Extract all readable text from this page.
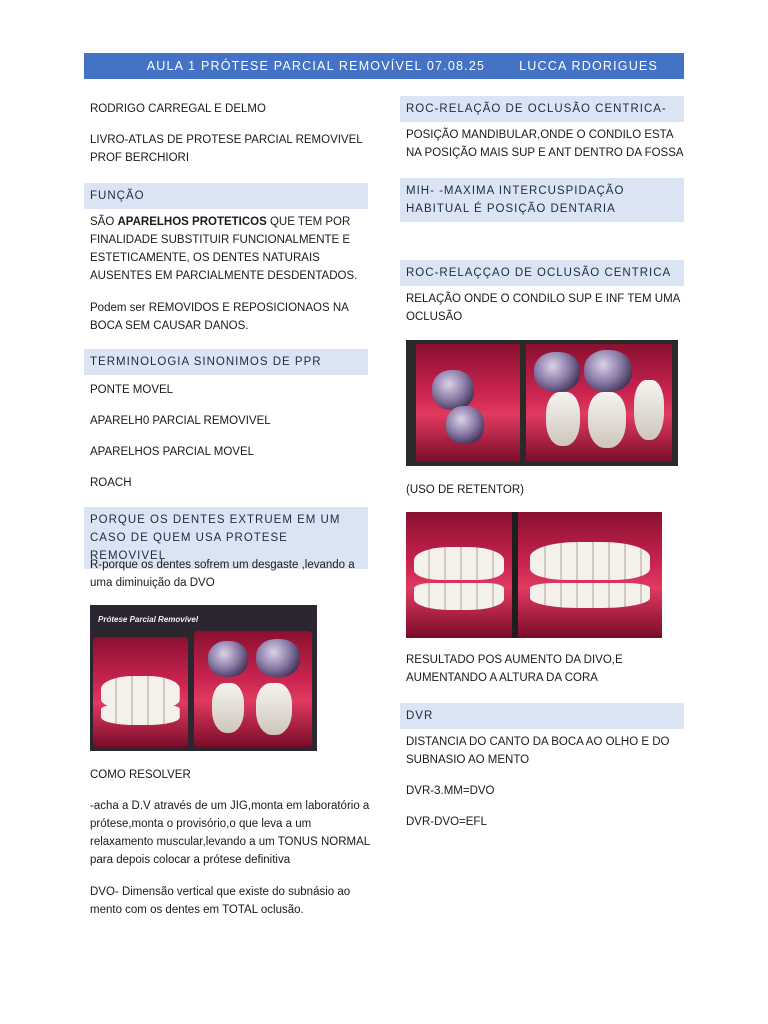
AULA 1 PRÓTESE PARCIAL REMOVÍVEL 07.08.25	LUCCA RDORIGUES

RODRIGO CARREGAL E DELMO

LIVRO-ATLAS DE PROTESE PARCIAL REMOVIVEL PROF BERCHIORI

FUNÇÃO

SÃO APARELHOS PROTETICOS QUE TEM POR FINALIDADE SUBSTITUIR FUNCIONALMENTE E ESTETICAMENTE, OS DENTES NATURAIS AUSENTES EM PARCIALMENTE DESDENTADOS.

Podem ser REMOVIDOS E REPOSICIONAOS NA BOCA SEM CAUSAR DANOS.

TERMINOLOGIA SINONIMOS DE PPR

PONTE MOVEL

APARELH0 PARCIAL REMOVIVEL

APARELHOS PARCIAL MOVEL

ROACH

PORQUE OS DENTES EXTRUEM EM UM CASO DE QUEM USA PROTESE REMOVIVEL

R-porque os dentes sofrem um desgaste ,levando a uma diminuição da DVO

Prótese Parcial Removível

COMO RESOLVER

-acha a D.V através de um JIG,monta em laboratório a prótese,monta o provisório,o que leva a um relaxamento muscular,levando a um TONUS NORMAL para depois colocar a prótese definitiva

DVO- Dimensão vertical que existe do subnásio ao mento com os dentes em TOTAL oclusão.

ROC-RELAÇÃO DE OCLUSÃO CENTRICA-

POSIÇÃO MANDIBULAR,ONDE O CONDILO ESTA NA POSIÇÃO MAIS SUP E ANT DENTRO DA FOSSA

MIH- -MAXIMA INTERCUSPIDAÇÃO HABITUAL É POSIÇÃO DENTARIA
ROC-RELAÇÇAO DE OCLUSÃO CENTRICA

RELAÇÃO ONDE O CONDILO SUP E INF TEM UMA OCLUSÃO

(USO DE RETENTOR)

RESULTADO POS AUMENTO DA DIVO,E AUMENTANDO A ALTURA DA CORA

DVR

DISTANCIA DO CANTO DA BOCA AO OLHO E DO SUBNASIO AO MENTO

DVR-3.MM=DVO

DVR-DVO=EFL
